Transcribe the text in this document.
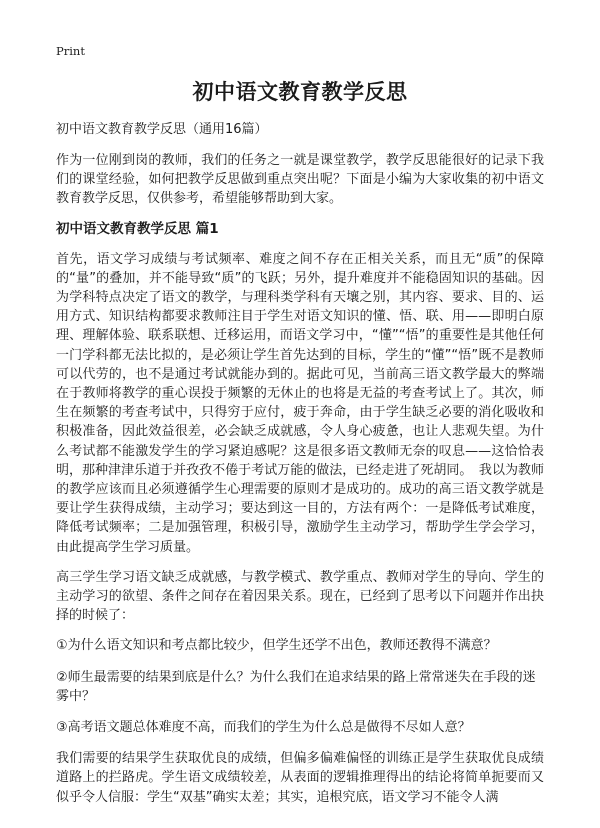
Print
初中语文教育教学反思

初中语文教育教学反思（通用16篇）

作为一位刚到岗的教师，我们的任务之一就是课堂教学，教学反思能很好的记录下我们的课堂经验，如何把教学反思做到重点突出呢？下面是小编为大家收集的初中语文教育教学反思，仅供参考，希望能够帮助到大家。

初中语文教育教学反思 篇1

首先，语文学习成绩与考试频率、难度之间不存在正相关关系，而且无“质”的保障的“量”的叠加，并不能导致“质”的飞跃；另外，提升难度并不能稳固知识的基础。因为学科特点决定了语文的教学，与理科类学科有天壤之别，其内容、要求、目的、运用方式、知识结构都要求教师注目于学生对语文知识的懂、悟、联、用——即明白原理、理解体验、联系联想、迁移运用，而语文学习中，“懂”“悟”的重要性是其他任何一门学科都无法比拟的，是必须让学生首先达到的目标，学生的“懂”“悟”既不是教师可以代劳的，也不是通过考试就能办到的。据此可见，当前高三语文教学最大的弊端在于教师将教学的重心误投于频繁的无休止的也将是无益的考查考试上了。其次，师生在频繁的考查考试中，只得穷于应付，疲于奔命，由于学生缺乏必要的消化吸收和积极准备，因此效益很差，必会缺乏成就感，令人身心疲惫，也让人悲观失望。为什么考试都不能激发学生的学习紧迫感呢？这是很多语文教师无奈的叹息——这恰恰表明，那种津津乐道于并孜孜不倦于考试万能的做法，已经走进了死胡同。　我以为教师的教学应该而且必须遵循学生心理需要的原则才是成功的。成功的高三语文教学就是要让学生获得成绩，主动学习；要达到这一目的，方法有两个：一是降低考试难度，降低考试频率；二是加强管理，积极引导，激励学生主动学习，帮助学生学会学习，由此提高学生学习质量。

高三学生学习语文缺乏成就感，与教学模式、教学重点、教师对学生的导向、学生的主动学习的欲望、条件之间存在着因果关系。现在，已经到了思考以下问题并作出抉择的时候了：

①为什么语文知识和考点都比较少，但学生还学不出色，教师还教得不满意？

②师生最需要的结果到底是什么？为什么我们在追求结果的路上常常迷失在手段的迷雾中？

③高考语文题总体难度不高，而我们的学生为什么总是做得不尽如人意？

我们需要的结果学生获取优良的成绩，但偏多偏难偏怪的训练正是学生获取优良成绩道路上的拦路虎。学生语文成绩较差，从表面的逻辑推理得出的结论将简单扼要而又似乎令人信服：学生“双基”确实太差；其实，追根究底，语文学习不能令人满
